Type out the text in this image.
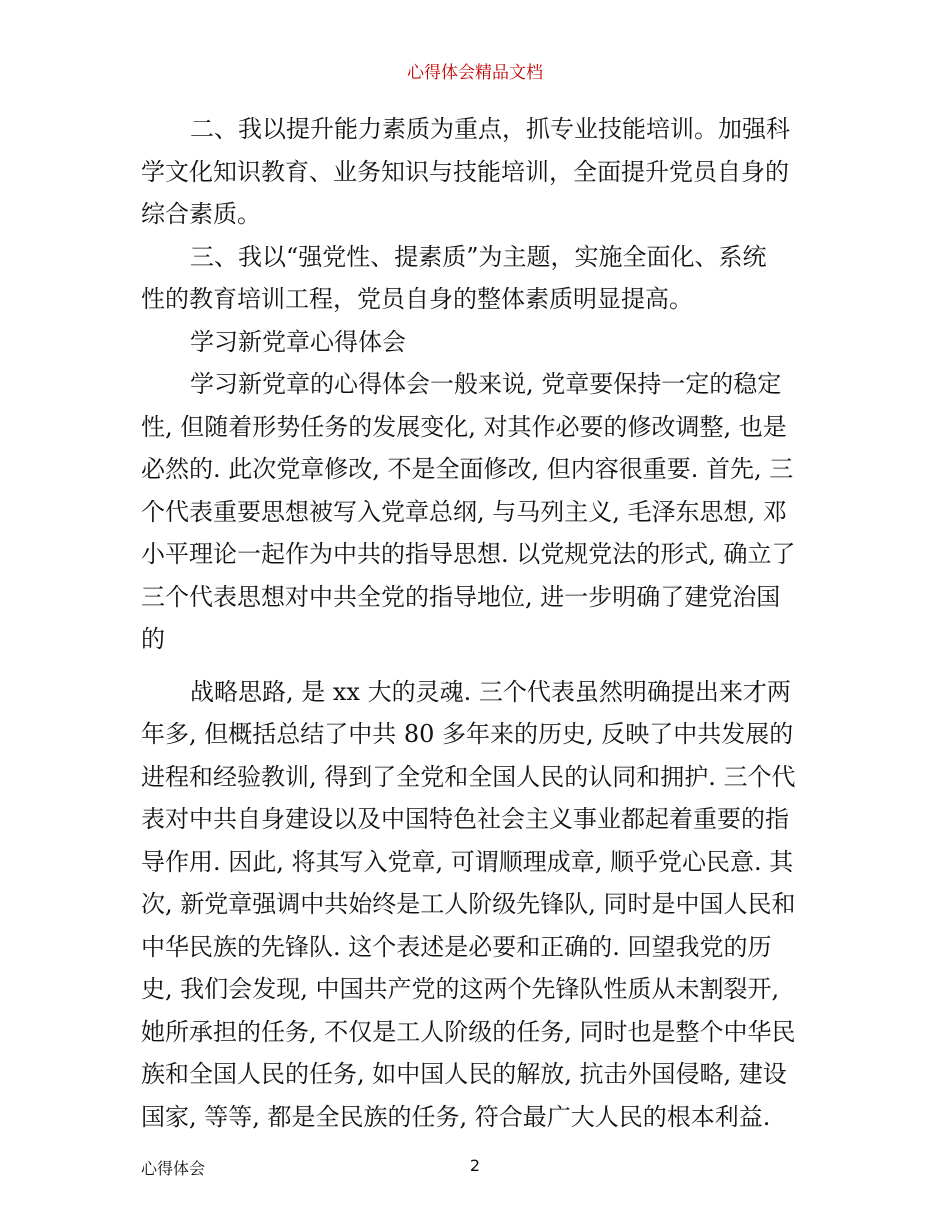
心得体会精品文档
二、我以提升能力素质为重点，抓专业技能培训。加强科
学文化知识教育、业务知识与技能培训，全面提升党员自身的
综合素质。
三、我以“强党性、提素质”为主题，实施全面化、系统
性的教育培训工程，党员自身的整体素质明显提高。
学习新党章心得体会
学习新党章的心得体会一般来说, 党章要保持一定的稳定
性, 但随着形势任务的发展变化, 对其作必要的修改调整, 也是
必然的. 此次党章修改, 不是全面修改, 但内容很重要. 首先, 三
个代表重要思想被写入党章总纲, 与马列主义, 毛泽东思想, 邓
小平理论一起作为中共的指导思想. 以党规党法的形式, 确立了
三个代表思想对中共全党的指导地位, 进一步明确了建党治国
的
战略思路, 是 xx 大的灵魂. 三个代表虽然明确提出来才两
年多, 但概括总结了中共 80 多年来的历史, 反映了中共发展的
进程和经验教训, 得到了全党和全国人民的认同和拥护. 三个代
表对中共自身建设以及中国特色社会主义事业都起着重要的指
导作用. 因此, 将其写入党章, 可谓顺理成章, 顺乎党心民意. 其
次, 新党章强调中共始终是工人阶级先锋队, 同时是中国人民和
中华民族的先锋队. 这个表述是必要和正确的. 回望我党的历
史, 我们会发现, 中国共产党的这两个先锋队性质从未割裂开,
她所承担的任务, 不仅是工人阶级的任务, 同时也是整个中华民
族和全国人民的任务, 如中国人民的解放, 抗击外国侵略, 建设
国家, 等等, 都是全民族的任务, 符合最广大人民的根本利益.
心得体会	2
